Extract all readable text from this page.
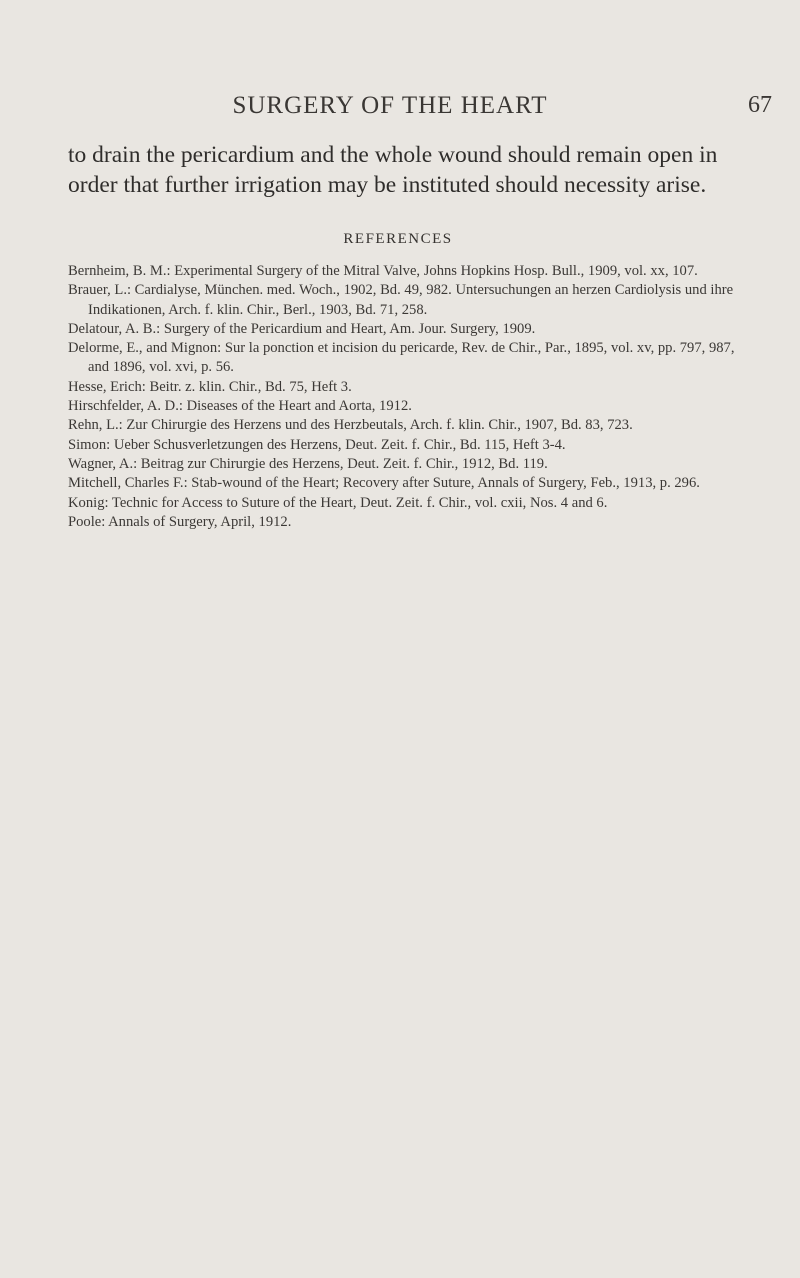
SURGERY OF THE HEART	67

to drain the pericardium and the whole wound should remain open in order that further irrigation may be instituted should necessity arise.

REFERENCES
Bernheim, B. M.: Experimental Surgery of the Mitral Valve, Johns Hopkins Hosp. Bull., 1909, vol. xx, 107.
Brauer, L.: Cardialyse, München. med. Woch., 1902, Bd. 49, 982. Untersuchungen an herzen Cardiolysis und ihre Indikationen, Arch. f. klin. Chir., Berl., 1903, Bd. 71, 258.
Delatour, A. B.: Surgery of the Pericardium and Heart, Am. Jour. Surgery, 1909.
Delorme, E., and Mignon: Sur la ponction et incision du pericarde, Rev. de Chir., Par., 1895, vol. xv, pp. 797, 987, and 1896, vol. xvi, p. 56.
Hesse, Erich: Beitr. z. klin. Chir., Bd. 75, Heft 3.
Hirschfelder, A. D.: Diseases of the Heart and Aorta, 1912.
Rehn, L.: Zur Chirurgie des Herzens und des Herzbeutals, Arch. f. klin. Chir., 1907, Bd. 83, 723.
Simon: Ueber Schusverletzungen des Herzens, Deut. Zeit. f. Chir., Bd. 115, Heft 3-4.
Wagner, A.: Beitrag zur Chirurgie des Herzens, Deut. Zeit. f. Chir., 1912, Bd. 119.
Mitchell, Charles F.: Stab-wound of the Heart; Recovery after Suture, Annals of Surgery, Feb., 1913, p. 296.
Konig: Technic for Access to Suture of the Heart, Deut. Zeit. f. Chir., vol. cxii, Nos. 4 and 6.
Poole: Annals of Surgery, April, 1912.
